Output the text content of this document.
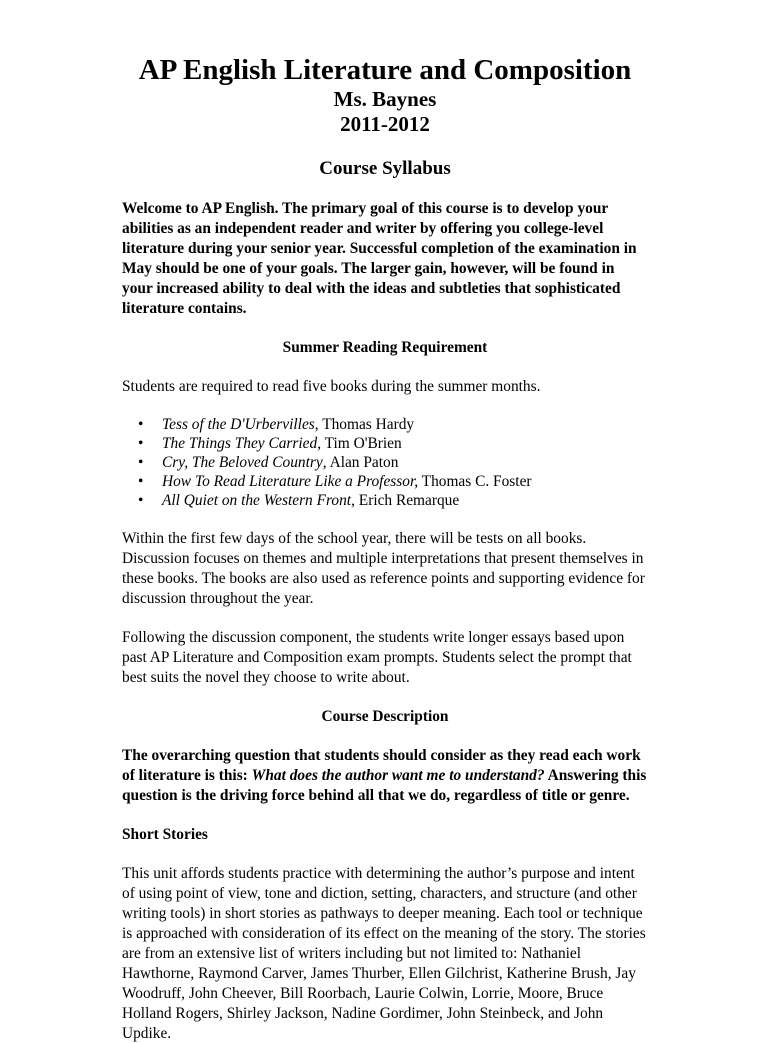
AP English Literature and Composition
Ms. Baynes
2011-2012
Course Syllabus

Welcome to AP English. The primary goal of this course is to develop your abilities as an independent reader and writer by offering you college-level literature during your senior year. Successful completion of the examination in May should be one of your goals. The larger gain, however, will be found in your increased ability to deal with the ideas and subtleties that sophisticated literature contains.

Summer Reading Requirement

Students are required to read five books during the summer months.

• Tess of the D'Urbervilles, Thomas Hardy
• The Things They Carried, Tim O'Brien
• Cry, The Beloved Country, Alan Paton
• How To Read Literature Like a Professor, Thomas C. Foster
• All Quiet on the Western Front, Erich Remarque

Within the first few days of the school year, there will be tests on all books. Discussion focuses on themes and multiple interpretations that present themselves in these books. The books are also used as reference points and supporting evidence for discussion throughout the year.

Following the discussion component, the students write longer essays based upon past AP Literature and Composition exam prompts. Students select the prompt that best suits the novel they choose to write about.

Course Description

The overarching question that students should consider as they read each work of literature is this: What does the author want me to understand? Answering this question is the driving force behind all that we do, regardless of title or genre.

Short Stories

This unit affords students practice with determining the author’s purpose and intent of using point of view, tone and diction, setting, characters, and structure (and other writing tools) in short stories as pathways to deeper meaning. Each tool or technique is approached with consideration of its effect on the meaning of the story. The stories are from an extensive list of writers including but not limited to: Nathaniel Hawthorne, Raymond Carver, James Thurber, Ellen Gilchrist, Katherine Brush, Jay Woodruff, John Cheever, Bill Roorbach, Laurie Colwin, Lorrie, Moore, Bruce Holland Rogers, Shirley Jackson, Nadine Gordimer, John Steinbeck, and John Updike.
